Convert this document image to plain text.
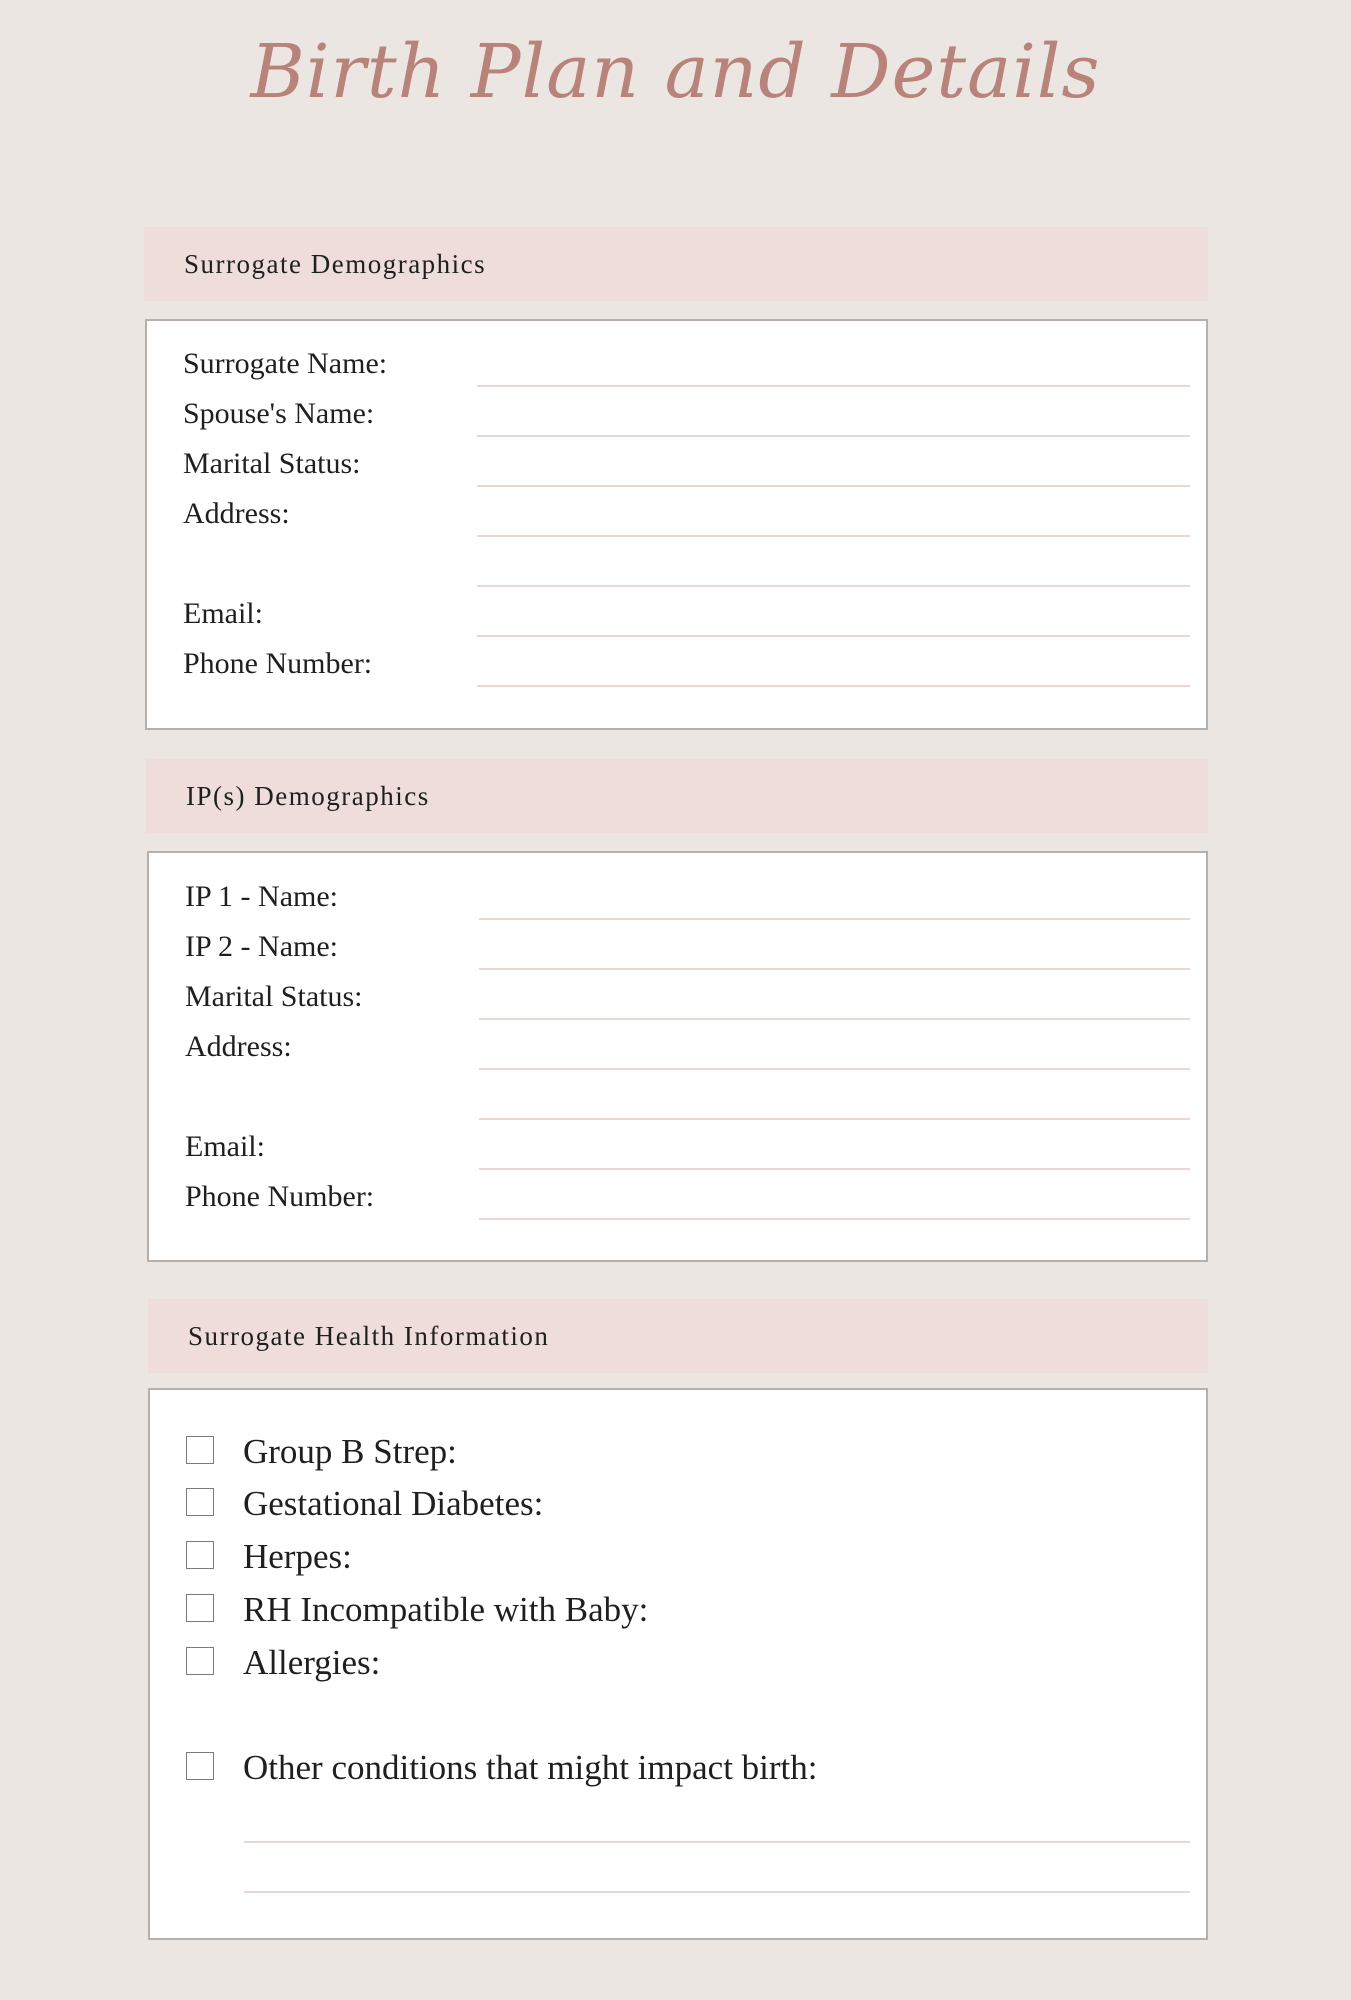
Birth Plan and Details
Surrogate Demographics
Surrogate Name:
Spouse's Name:
Marital Status:
Address:
Email:
Phone Number:
IP(s) Demographics
IP 1 - Name:
IP 2 - Name:
Marital Status:
Address:
Email:
Phone Number:
Surrogate Health Information
Group B Strep:
Gestational Diabetes:
Herpes:
RH Incompatible with Baby:
Allergies:
Other conditions that might impact birth:
